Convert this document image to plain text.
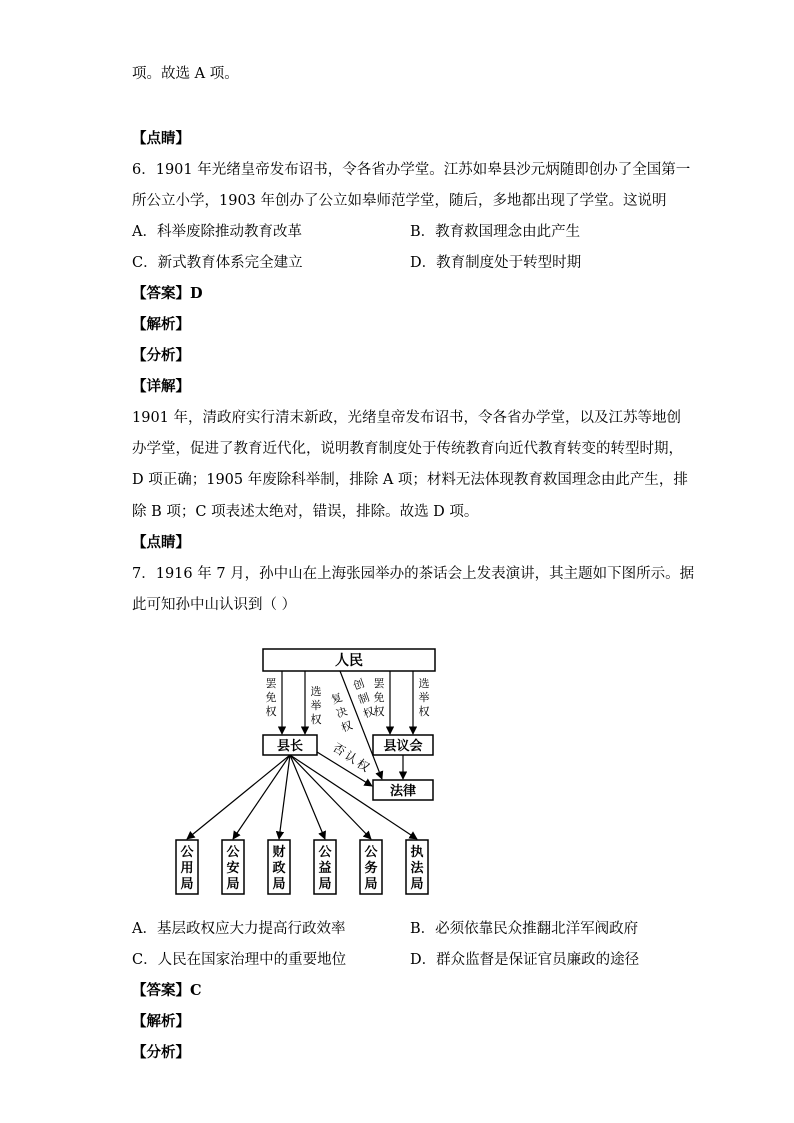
项。故选 A 项。
【点睛】
6．1901 年光绪皇帝发布诏书，令各省办学堂。江苏如皋县沙元炳随即创办了全国第一
所公立小学，1903 年创办了公立如皋师范学堂，随后，多地都出现了学堂。这说明
A．科举废除推动教育改革	B．教育救国理念由此产生
C．新式教育体系完全建立	D．教育制度处于转型时期
【答案】D
【解析】
【分析】
【详解】
1901 年，清政府实行清末新政，光绪皇帝发布诏书，令各省办学堂，以及江苏等地创
办学堂，促进了教育近代化，说明教育制度处于传统教育向近代教育转变的转型时期，
D 项正确；1905 年废除科举制，排除 A 项；材料无法体现教育救国理念由此产生，排
除 B 项；C 项表述太绝对，错误，排除。故选 D 项。
【点睛】
7．1916 年 7 月，孙中山在上海张园举办的茶话会上发表演讲，其主题如下图所示。据
此可知孙中山认识到（ ）
人民
县长	县议会
法律
罢
免
权
选
举
权
罢
免
权
选
举
权
复
决
权
创
制
权
否
认
权
公用局
公安局
财政局
公益局
公务局
执法局
A．基层政权应大力提高行政效率	B．必须依靠民众推翻北洋军阀政府
C．人民在国家治理中的重要地位	D．群众监督是保证官员廉政的途径
【答案】C
【解析】
【分析】
